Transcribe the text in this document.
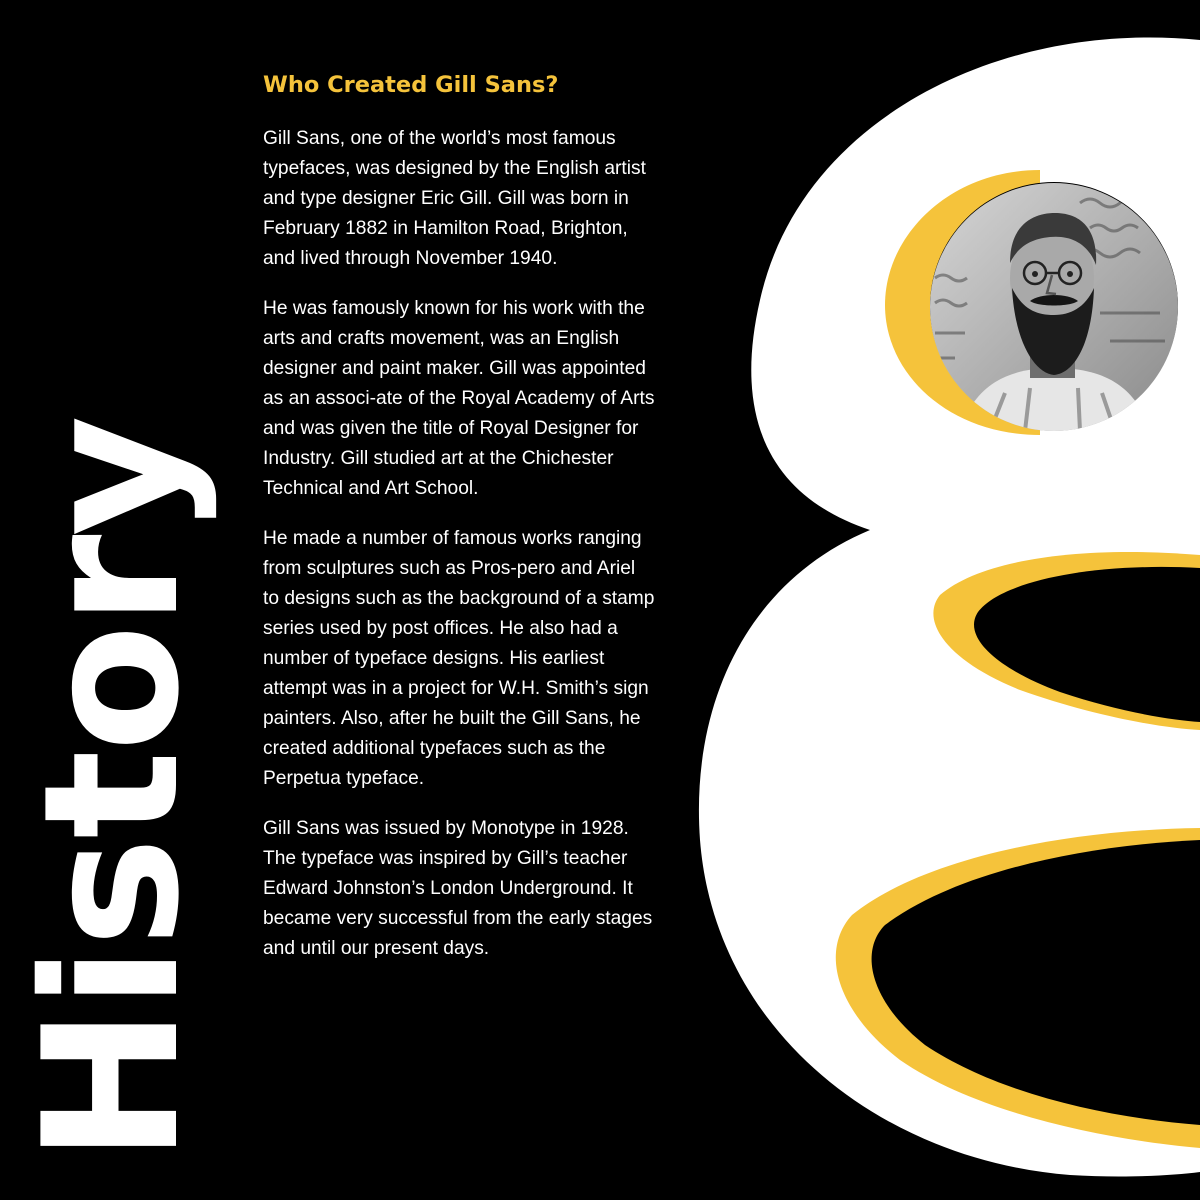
History
Who Created Gill Sans?

Gill Sans, one of the world’s most famous typefaces, was designed by the English artist and type designer Eric Gill. Gill was born in February 1882 in Hamilton Road, Brighton, and lived through November 1940.

He was famously known for his work with the arts and crafts movement, was an English designer and paint maker. Gill was appointed as an associ-ate of the Royal Academy of Arts and was given the title of Royal Designer for Industry. Gill studied art at the Chichester Technical and Art School.

He made a number of famous works ranging from sculptures such as Pros-pero and Ariel to designs such as the background of a stamp series used by post offices. He also had a number of typeface designs. His earliest attempt was in a project for W.H. Smith’s sign painters. Also, after he built the Gill Sans, he created additional typefaces such as the Perpetua typeface.

Gill Sans was issued by Monotype in 1928. The typeface was inspired by Gill’s teacher Edward Johnston’s London Underground. It became very successful from the early stages and until our present days.
